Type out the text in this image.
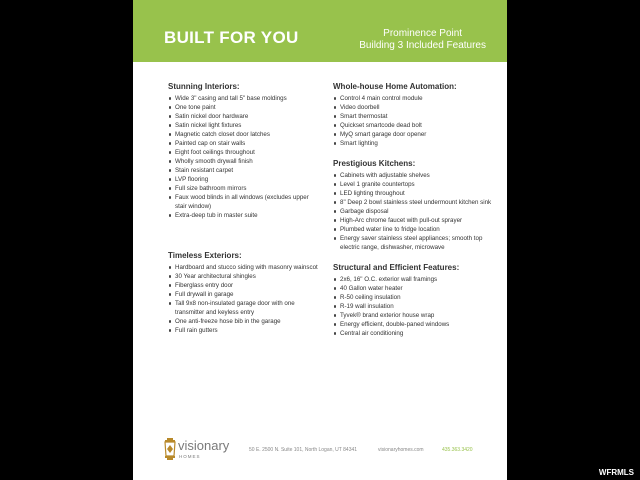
BUILT FOR YOU	Prominence Point
Building 3 Included Features
Stunning Interiors:
Wide 3" casing and tall 5" base moldings
One tone paint
Satin nickel door hardware
Satin nickel light fixtures
Magnetic catch closet door latches
Painted cap on stair walls
Eight foot ceilings throughout
Wholly smooth drywall finish
Stain resistant carpet
LVP flooring
Full size bathroom mirrors
Faux wood blinds in all windows (excludes upper stair window)
Extra-deep tub in master suite
Timeless Exteriors:
Hardboard and stucco siding with masonry wainscot
30 Year architectural shingles
Fiberglass entry door
Full drywall in garage
Tall 9x8 non-insulated garage door with one transmitter and keyless entry
One anti-freeze hose bib in the garage
Full rain gutters
Whole-house Home Automation:
Control 4 main control module
Video doorbell
Smart thermostat
Quickset smartcode dead bolt
MyQ smart garage door opener
Smart lighting
Prestigious Kitchens:
Cabinets with adjustable shelves
Level 1 granite countertops
LED lighting throughout
8" Deep 2 bowl stainless steel undermount kitchen sink
Garbage disposal
High-Arc chrome faucet with pull-out sprayer
Plumbed water line to fridge location
Energy saver stainless steel appliances; smooth top electric range, dishwasher, microwave
Structural and Efficient Features:
2x6, 16" O.C. exterior wall framings
40 Gallon water heater
R-50 ceiling insulation
R-19 wall insulation
Tyvek® brand exterior house wrap
Energy efficient, double-paned windows
Central air conditioning
visionary
HOMES
50 E. 2500 N. Suite 101, North Logan, UT 84341	visionaryhomes.com	435.363.3420
WFRMLS
